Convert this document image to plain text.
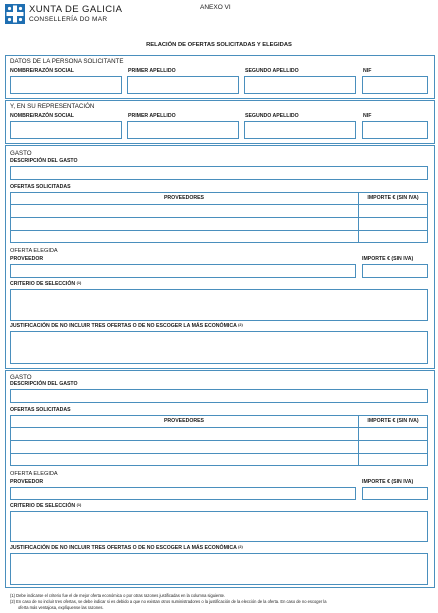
XUNTA DE GALICIA
CONSELLERÍA DO MAR
ANEXO VI
RELACIÓN DE OFERTAS SOLICITADAS Y ELEGIDAS
DATOS DE LA PERSONA SOLICITANTE
NOMBRE/RAZÓN SOCIAL	PRIMER APELLIDO	SEGUNDO APELLIDO	NIF
Y, EN SU REPRESENTACIÓN
NOMBRE/RAZÓN SOCIAL	PRIMER APELLIDO	SEGUNDO APELLIDO	NIF
GASTO
DESCRIPCIÓN DEL GASTO
OFERTAS SOLICITADAS
PROVEEDORES	IMPORTE € (SIN IVA)
OFERTA ELEGIDA
PROVEEDOR	IMPORTE € (SIN IVA)
CRITERIO DE SELECCIÓN $^{(1)}$
JUSTIFICACIÓN DE NO INCLUIR TRES OFERTAS O DE NO ESCOGER LA MÁS ECONÓMICA $^{(2)}$
GASTO
DESCRIPCIÓN DEL GASTO
OFERTAS SOLICITADAS
PROVEEDORES	IMPORTE € (SIN IVA)
OFERTA ELEGIDA
PROVEEDOR	IMPORTE € (SIN IVA)
CRITERIO DE SELECCIÓN $^{(1)}$
JUSTIFICACIÓN DE NO INCLUIR TRES OFERTAS O DE NO ESCOGER LA MÁS ECONÓMICA $^{(2)}$
(1) Debe indicarse el criterio fue el de mejor oferta económica o por otras razones justificadas en la columna siguiente.
(2) En caso de no incluir tres ofertas, se debe indicar si es debido a que no existan otros suministradores o la justificación de la elección de la oferta. En caso de no escoger la
oferta más ventajosa, explíquense las razones.
